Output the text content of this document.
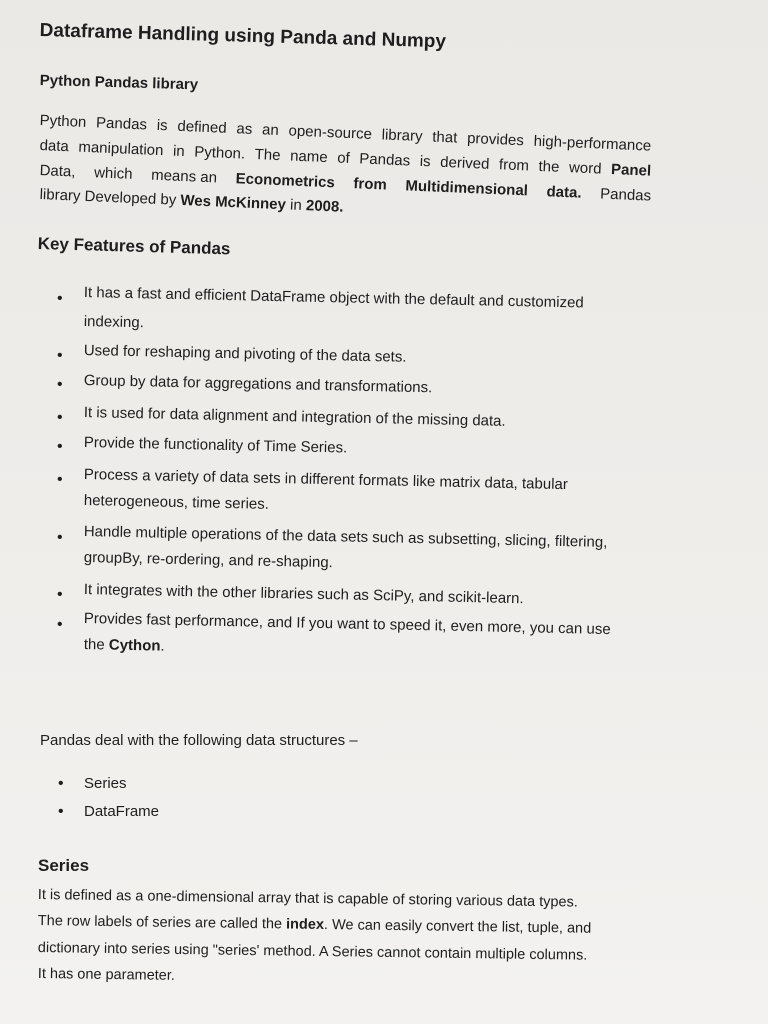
Dataframe Handling using Panda and Numpy
Python Pandas library
Python Pandas is defined as an open-source library that provides high-performance
data manipulation in Python. The name of Pandas is derived from the word Panel
Data, which means an Econometrics from Multidimensional data. Pandas
library Developed by Wes McKinney in 2008.
Key Features of Pandas
• It has a fast and efficient DataFrame object with the default and customized
indexing.
• Used for reshaping and pivoting of the data sets.
• Group by data for aggregations and transformations.
• It is used for data alignment and integration of the missing data.
• Provide the functionality of Time Series.
• Process a variety of data sets in different formats like matrix data, tabular
heterogeneous, time series.
• Handle multiple operations of the data sets such as subsetting, slicing, filtering,
groupBy, re-ordering, and re-shaping.
• It integrates with the other libraries such as SciPy, and scikit-learn.
• Provides fast performance, and If you want to speed it, even more, you can use
the Cython.
Pandas deal with the following data structures –
• Series
• DataFrame
Series
It is defined as a one-dimensional array that is capable of storing various data types.
The row labels of series are called the index. We can easily convert the list, tuple, and
dictionary into series using "series' method. A Series cannot contain multiple columns.
It has one parameter.
